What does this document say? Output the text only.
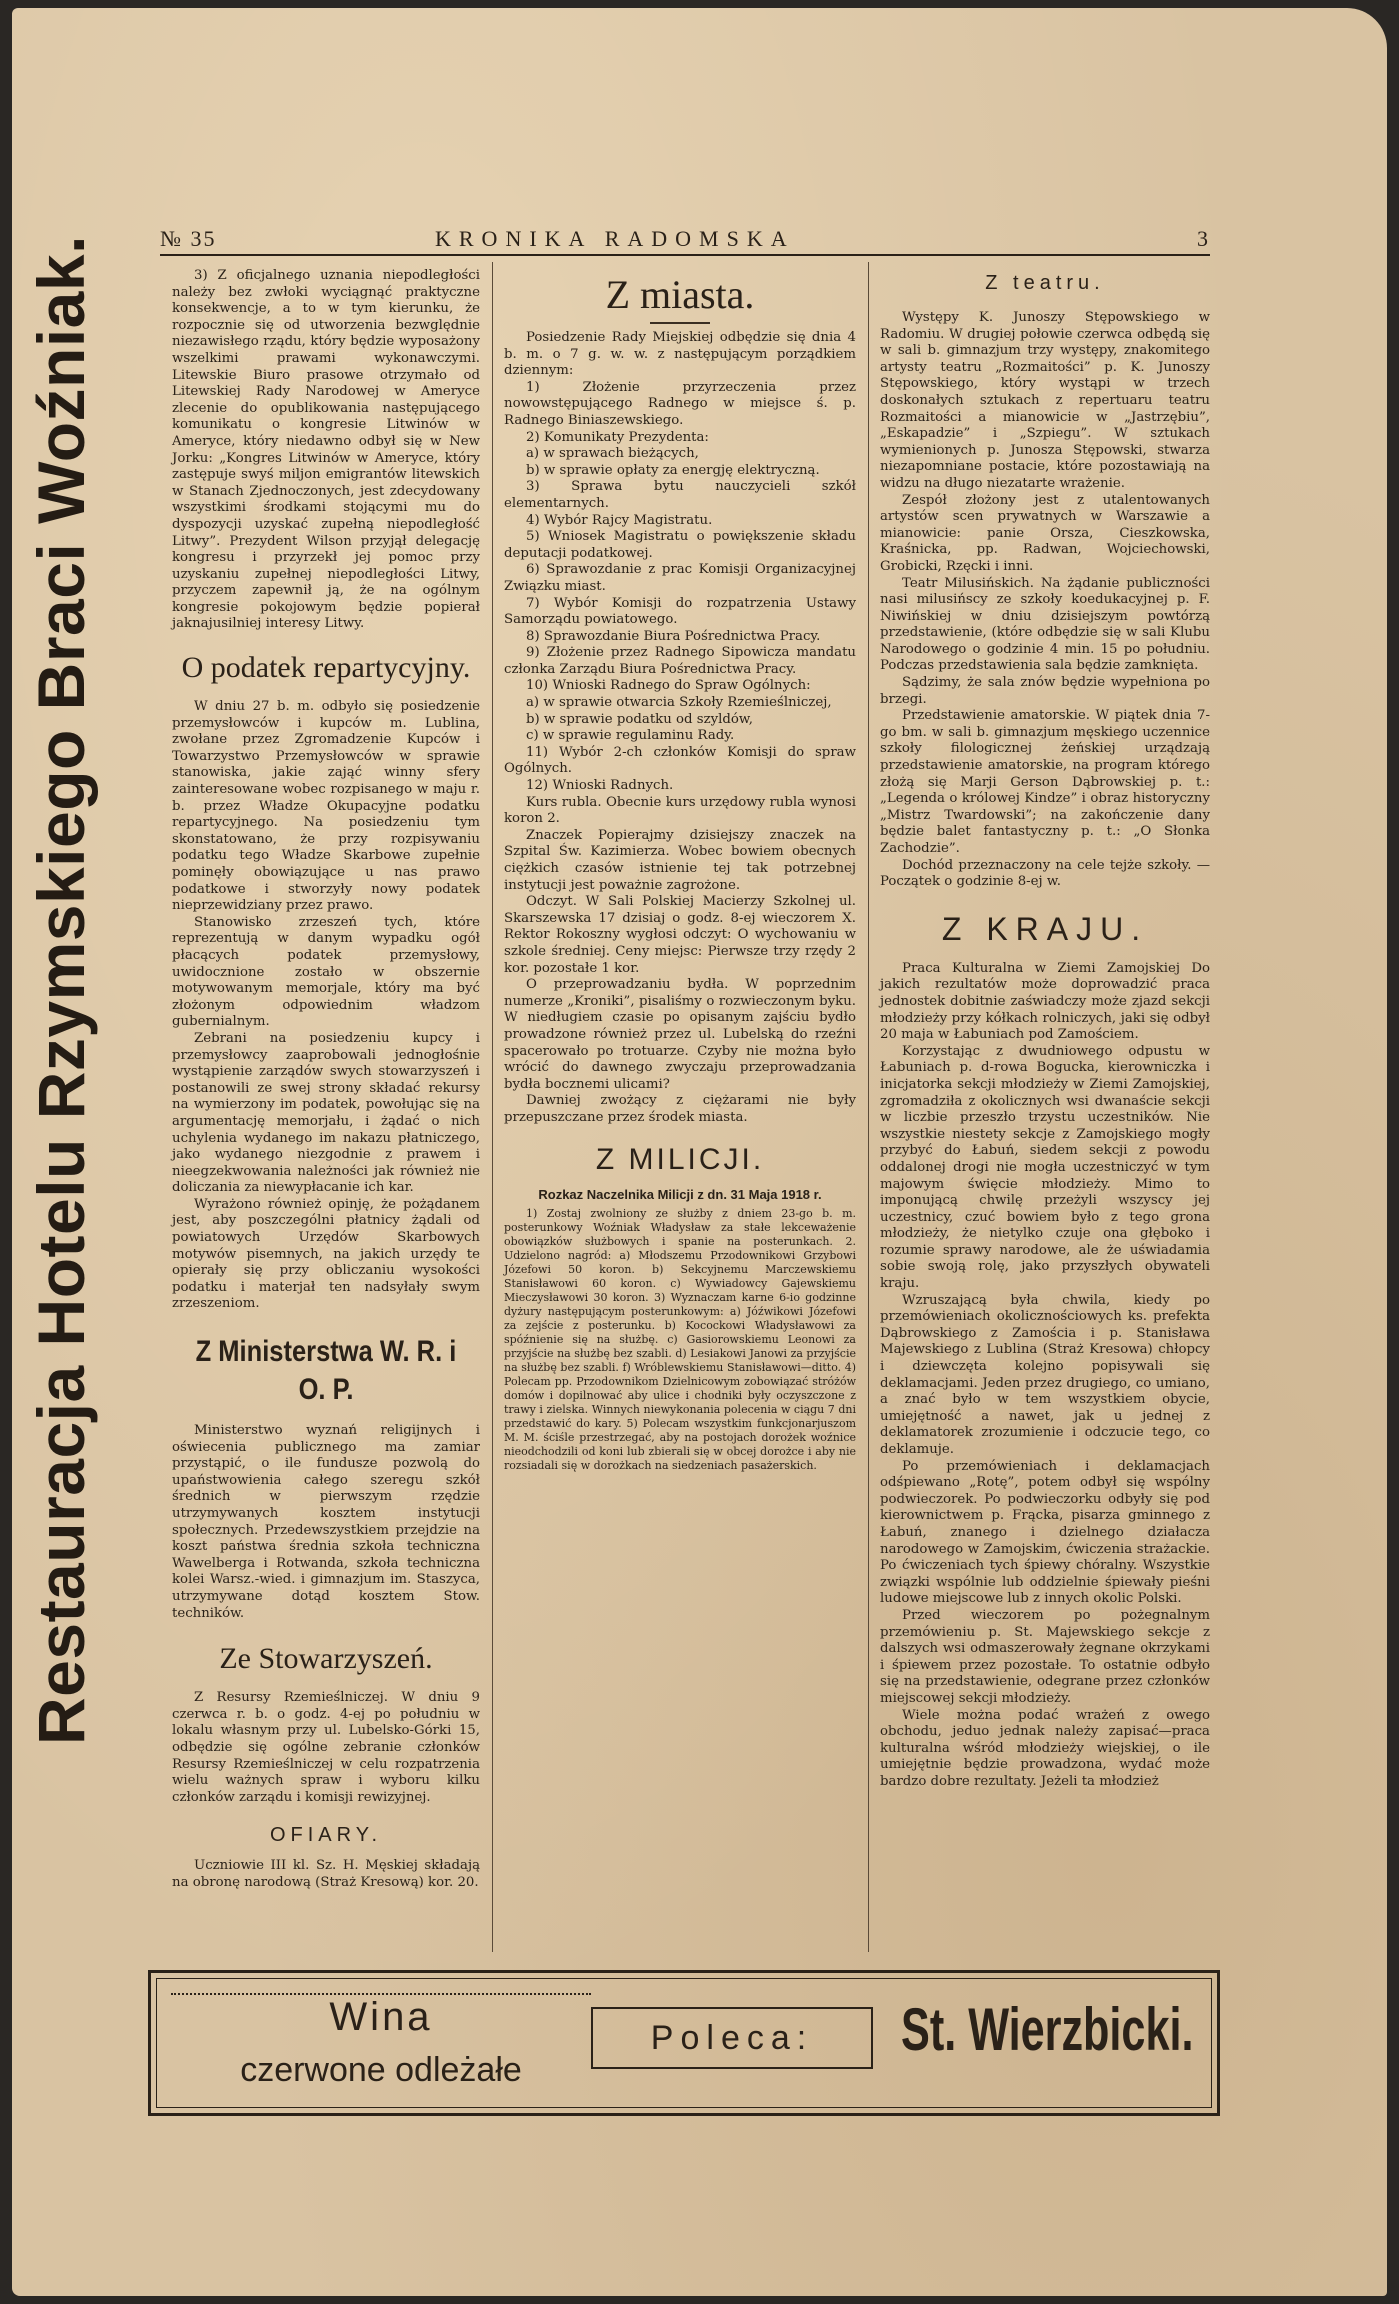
№ 35	KRONIKA RADOMSKA	3
Restauracja Hotelu Rzymskiego Braci Woźniak.	3) Z oficjalnego uznania niepodległości należy bez zwłoki wyciągnąć praktyczne konsekwencje, a to w tym kierunku, że rozpocznie się od utworzenia bezwględnie niezawisłego rządu, który będzie wyposażony wszelkimi prawami wykonawczymi. Litewskie Biuro prasowe otrzymało od Litewskiej Rady Narodowej w Ameryce zlecenie do opublikowania następującego komunikatu o kongresie Litwinów w Ameryce, który niedawno odbył się w New Jorku: „Kongres Litwinów w Ameryce, który zastępuje swyś miljon emigrantów litewskich w Stanach Zjednoczonych, jest zdecydowany wszystkimi środkami stojącymi mu do dyspozycji uzyskać zupełną niepodległość Litwy”. Prezydent Wilson przyjął delegację kongresu i przyrzekł jej pomoc przy uzyskaniu zupełnej niepodległości Litwy, przyczem zapewnił ją, że na ogólnym kongresie pokojowym będzie popierał jaknajusilniej interesy Litwy.

O podatek repartycyjny.

W dniu 27 b. m. odbyło się posiedzenie przemysłowców i kupców m. Lublina, zwołane przez Zgromadzenie Kupców i Towarzystwo Przemysłowców w sprawie stanowiska, jakie zająć winny sfery zainteresowane wobec rozpisanego w maju r. b. przez Władze Okupacyjne podatku repartycyjnego. Na posiedzeniu tym skonstatowano, że przy rozpisywaniu podatku tego Władze Skarbowe zupełnie pominęły obowiązujące u nas prawo podatkowe i stworzyły nowy podatek nieprzewidziany przez prawo.

Stanowisko zrzeszeń tych, które reprezentują w danym wypadku ogół płacących podatek przemysłowy, uwidocznione zostało w obszernie motywowanym memorjale, który ma być złożonym odpowiednim władzom gubernialnym.

Zebrani na posiedzeniu kupcy i przemysłowcy zaaprobowali jednogłośnie wystąpienie zarządów swych stowarzyszeń i postanowili ze swej strony składać rekursy na wymierzony im podatek, powołując się na argumentację memorjału, i żądać o nich uchylenia wydanego im nakazu płatniczego, jako wydanego niezgodnie z prawem i nieegzekwowania należności jak również nie doliczania za niewypłacanie ich kar.

Wyrażono również opinję, że pożądanem jest, aby poszczególni płatnicy żądali od powiatowych Urzędów Skarbowych motywów pisemnych, na jakich urzędy te opierały się przy obliczaniu wysokości podatku i materjał ten nadsyłały swym zrzeszeniom.

Z Ministerstwa W. R. i O. P.

Ministerstwo wyznań religijnych i oświecenia publicznego ma zamiar przystąpić, o ile fundusze pozwolą do upaństwowienia całego szeregu szkół średnich w pierwszym rzędzie utrzymywanych kosztem instytucji społecznych. Przedewszystkiem przejdzie na koszt państwa średnia szkoła techniczna Wawelberga i Rotwanda, szkoła techniczna kolei Warsz.-wied. i gimnazjum im. Staszyca, utrzymywane dotąd kosztem Stow. techników.

Ze Stowarzyszeń.

Z Resursy Rzemieślniczej. W dniu 9 czerwca r. b. o godz. 4-ej po południu w lokalu własnym przy ul. Lubelsko-Górki 15, odbędzie się ogólne zebranie członków Resursy Rzemieślniczej w celu rozpatrzenia wielu ważnych spraw i wyboru kilku członków zarządu i komisji rewizyjnej.

OFIARY.

Uczniowie III kl. Sz. H. Męskiej składają na obronę narodową (Straż Kresową) kor. 20.

Z miasta.

Posiedzenie Rady Miejskiej odbędzie się dnia 4 b. m. o 7 g. w. w. z następującym porządkiem dziennym:

1) Złożenie przyrzeczenia przez nowowstępującego Radnego w miejsce ś. p. Radnego Biniaszewskiego.

2) Komunikaty Prezydenta:

a) w sprawach bieżących,

b) w sprawie opłaty za energję elektryczną.

3) Sprawa bytu nauczycieli szkół elementarnych.

4) Wybór Rajcy Magistratu.

5) Wniosek Magistratu o powiększenie składu deputacji podatkowej.

6) Sprawozdanie z prac Komisji Organizacyjnej Związku miast.

7) Wybór Komisji do rozpatrzenia Ustawy Samorządu powiatowego.

8) Sprawozdanie Biura Pośrednictwa Pracy.

9) Złożenie przez Radnego Sipowicza mandatu członka Zarządu Biura Pośrednictwa Pracy.

10) Wnioski Radnego do Spraw Ogólnych:

a) w sprawie otwarcia Szkoły Rzemieślniczej,

b) w sprawie podatku od szyldów,

c) w sprawie regulaminu Rady.

11) Wybór 2-ch członków Komisji do spraw Ogólnych.

12) Wnioski Radnych.

Kurs rubla. Obecnie kurs urzędowy rubla wynosi koron 2.

Znaczek Popierajmy dzisiejszy znaczek na Szpital Św. Kazimierza. Wobec bowiem obecnych ciężkich czasów istnienie tej tak potrzebnej instytucji jest poważnie zagrożone.

Odczyt. W Sali Polskiej Macierzy Szkolnej ul. Skarszewska 17 dzisiaj o godz. 8-ej wieczorem X. Rektor Rokoszny wygłosi odczyt: O wychowaniu w szkole średniej. Ceny miejsc: Pierwsze trzy rzędy 2 kor. pozostałe 1 kor.

O przeprowadzaniu bydła. W poprzednim numerze „Kroniki”, pisaliśmy o rozwieczonym byku. W niedługiem czasie po opisanym zajściu bydło prowadzone również przez ul. Lubelską do rzeźni spacerowało po trotuarze. Czyby nie można było wrócić do dawnego zwyczaju przeprowadzania bydła bocznemi ulicami?

Dawniej zwożący z ciężarami nie były przepuszczane przez środek miasta.

Z MILICJI.

Rozkaz Naczelnika Milicji z dn. 31 Maja 1918 r.

1) Zostaj zwolniony ze służby z dniem 23-go b. m. posterunkowy Woźniak Władysław za stałe lekceważenie obowiązków służbowych i spanie na posterunkach. 2. Udzielono nagród: a) Młodszemu Przodownikowi Grzybowi Józefowi 50 koron. b) Sekcyjnemu Marczewskiemu Stanisławowi 60 koron. c) Wywiadowcy Gajewskiemu Mieczysławowi 30 koron. 3) Wyznaczam karne 6-io godzinne dyżury następującym posterunkowym: a) Jóźwikowi Józefowi za zejście z posterunku. b) Kocockowi Władysławowi za spóźnienie się na służbę. c) Gasiorowskiemu Leonowi za przyjście na służbę bez szabli. d) Lesiakowi Janowi za przyjście na służbę bez szabli. f) Wróblewskiemu Stanisławowi—ditto. 4) Polecam pp. Przodownikom Dzielnicowym zobowiązać stróżów domów i dopilnować aby ulice i chodniki były oczyszczone z trawy i zielska. Winnych niewykonania polecenia w ciągu 7 dni przedstawić do kary. 5) Polecam wszystkim funkcjonarjuszom M. M. ściśle przestrzegać, aby na postojach dorożek woźnice nieodchodzili od koni lub zbierali się w obcej dorożce i aby nie rozsiadali się w dorożkach na siedzeniach pasażerskich.

Z teatru.

Występy K. Junoszy Stępowskiego w Radomiu. W drugiej połowie czerwca odbędą się w sali b. gimnazjum trzy występy, znakomitego artysty teatru „Rozmaitości” p. K. Junoszy Stępowskiego, który wystąpi w trzech doskonałych sztukach z repertuaru teatru Rozmaitości a mianowicie w „Jastrzębiu”, „Eskapadzie” i „Szpiegu”. W sztukach wymienionych p. Junosza Stępowski, stwarza niezapomniane postacie, które pozostawiają na widzu na długo niezatarte wrażenie.

Zespół złożony jest z utalentowanych artystów scen prywatnych w Warszawie a mianowicie: panie Orsza, Cieszkowska, Kraśnicka, pp. Radwan, Wojciechowski, Grobicki, Rzęcki i inni.

Teatr Milusińskich. Na żądanie publiczności nasi milusińscy ze szkoły koedukacyjnej p. F. Niwińskiej w dniu dzisiejszym powtórzą przedstawienie, (które odbędzie się w sali Klubu Narodowego o godzinie 4 min. 15 po południu. Podczas przedstawienia sala będzie zamknięta.

Sądzimy, że sala znów będzie wypełniona po brzegi.

Przedstawienie amatorskie. W piątek dnia 7-go bm. w sali b. gimnazjum męskiego uczennice szkoły filologicznej żeńskiej urządzają przedstawienie amatorskie, na program którego złożą się Marji Gerson Dąbrowskiej p. t.: „Legenda o królowej Kindze” i obraz historyczny „Mistrz Twardowski”; na zakończenie dany będzie balet fantastyczny p. t.: „O Słonka Zachodzie”.

Dochód przeznaczony na cele tejże szkoły. — Początek o godzinie 8-ej w.

Z KRAJU.

Praca Kulturalna w Ziemi Zamojskiej Do jakich rezultatów może doprowadzić praca jednostek dobitnie zaświadczy może zjazd sekcji młodzieży przy kółkach rolniczych, jaki się odbył 20 maja w Łabuniach pod Zamościem.

Korzystając z dwudniowego odpustu w Łabuniach p. d-rowa Bogucka, kierowniczka i inicjatorka sekcji młodzieży w Ziemi Zamojskiej, zgromadziła z okolicznych wsi dwanaście sekcji w liczbie przeszło trzystu uczestników. Nie wszystkie niestety sekcje z Zamojskiego mogły przybyć do Łabuń, siedem sekcji z powodu oddalonej drogi nie mogła uczestniczyć w tym majowym święcie młodzieży. Mimo to imponującą chwilę przeżyli wszyscy jej uczestnicy, czuć bowiem było z tego grona młodzieży, że nietylko czuje ona głęboko i rozumie sprawy narodowe, ale że uświadamia sobie swoją rolę, jako przyszłych obywateli kraju.

Wzruszającą była chwila, kiedy po przemówieniach okolicznościowych ks. prefekta Dąbrowskiego z Zamościa i p. Stanisława Majewskiego z Lublina (Straż Kresowa) chłopcy i dziewczęta kolejno popisywali się deklamacjami. Jeden przez drugiego, co umiano, a znać było w tem wszystkiem obycie, umiejętność a nawet, jak u jednej z deklamatorek zrozumienie i odczucie tego, co deklamuje.

Po przemówieniach i deklamacjach odśpiewano „Rotę”, potem odbył się wspólny podwieczorek. Po podwieczorku odbyły się pod kierownictwem p. Frącka, pisarza gminnego z Łabuń, znanego i dzielnego działacza narodowego w Zamojskim, ćwiczenia strażackie. Po ćwiczeniach tych śpiewy chóralny. Wszystkie związki wspólnie lub oddzielnie śpiewały pieśni ludowe miejscowe lub z innych okolic Polski.

Przed wieczorem po pożegnalnym przemówieniu p. St. Majewskiego sekcje z dalszych wsi odmaszerowały żegnane okrzykami i śpiewem przez pozostałe. To ostatnie odbyło się na przedstawienie, odegrane przez członków miejscowej sekcji młodzieży.

Wiele można podać wrażeń z owego obchodu, jeduo jednak należy zapisać—praca kulturalna wśród młodzieży wiejskiej, o ile umiejętnie będzie prowadzona, wydać może bardzo dobre rezultaty. Jeżeli ta młodzież

Wina
czerwone odleżałe
Poleca:	St. Wierzbicki.
